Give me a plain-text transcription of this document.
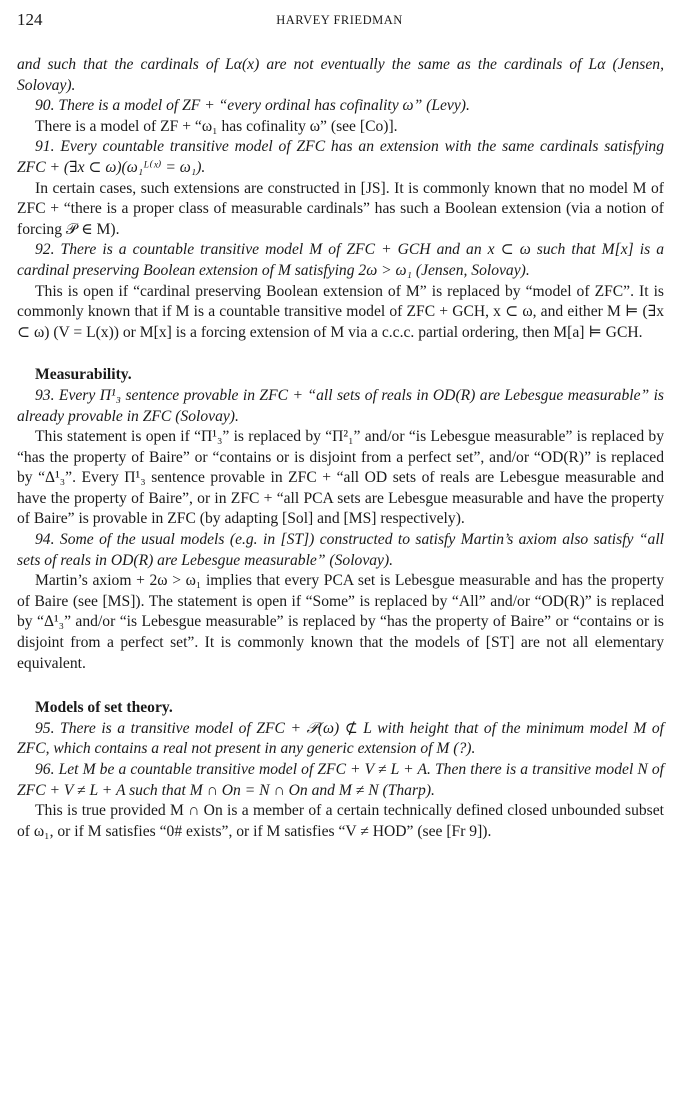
124	HARVEY FRIEDMAN

and such that the cardinals of Lα(x) are not eventually the same as the cardinals of Lα (Jensen, Solovay).

90. There is a model of ZF + “every ordinal has cofinality ω” (Levy).

There is a model of ZF + “ω₁ has cofinality ω” (see [Co)].

91. Every countable transitive model of ZFC has an extension with the same cardinals satisfying ZFC + (∃x ⊂ ω)(ω₁ᴸ⁽ˣ⁾ = ω₁).

In certain cases, such extensions are constructed in [JS]. It is commonly known that no model M of ZFC + “there is a proper class of measurable cardinals” has such a Boolean extension (via a notion of forcing 𝒫 ∈ M).

92. There is a countable transitive model M of ZFC + GCH and an x ⊂ ω such that M[x] is a cardinal preserving Boolean extension of M satisfying 2ω > ω₁ (Jensen, Solovay).

This is open if “cardinal preserving Boolean extension of M” is replaced by “model of ZFC”. It is commonly known that if M is a countable transitive model of ZFC + GCH, x ⊂ ω, and either M ⊨ (∃x ⊂ ω) (V = L(x)) or M[x] is a forcing extension of M via a c.c.c. partial ordering, then M[a] ⊨ GCH.

Measurability.

93. Every Π¹₃ sentence provable in ZFC + “all sets of reals in OD(R) are Lebesgue measurable” is already provable in ZFC (Solovay).

This statement is open if “Π¹₃” is replaced by “Π²₁” and/or “is Lebesgue measurable” is replaced by “has the property of Baire” or “contains or is disjoint from a perfect set”, and/or “OD(R)” is replaced by “Δ¹₃”. Every Π¹₃ sentence provable in ZFC + “all OD sets of reals are Lebesgue measurable and have the property of Baire”, or in ZFC + “all PCA sets are Lebesgue measurable and have the property of Baire” is provable in ZFC (by adapting [Sol] and [MS] respectively).

94. Some of the usual models (e.g. in [ST]) constructed to satisfy Martin’s axiom also satisfy “all sets of reals in OD(R) are Lebesgue measurable” (Solovay).

Martin’s axiom + 2ω > ω₁ implies that every PCA set is Lebesgue measurable and has the property of Baire (see [MS]). The statement is open if “Some” is replaced by “All” and/or “OD(R)” is replaced by “Δ¹₃” and/or “is Lebesgue measurable” is replaced by “has the property of Baire” or “contains or is disjoint from a perfect set”. It is commonly known that the models of [ST] are not all elementary equivalent.

Models of set theory.

95. There is a transitive model of ZFC + 𝒫(ω) ⊄ L with height that of the minimum model M of ZFC, which contains a real not present in any generic extension of M (?).

96. Let M be a countable transitive model of ZFC + V ≠ L + A. Then there is a transitive model N of ZFC + V ≠ L + A such that M ∩ On = N ∩ On and M ≠ N (Tharp).

This is true provided M ∩ On is a member of a certain technically defined closed unbounded subset of ω₁, or if M satisfies “0# exists”, or if M satisfies “V ≠ HOD” (see [Fr 9]).
